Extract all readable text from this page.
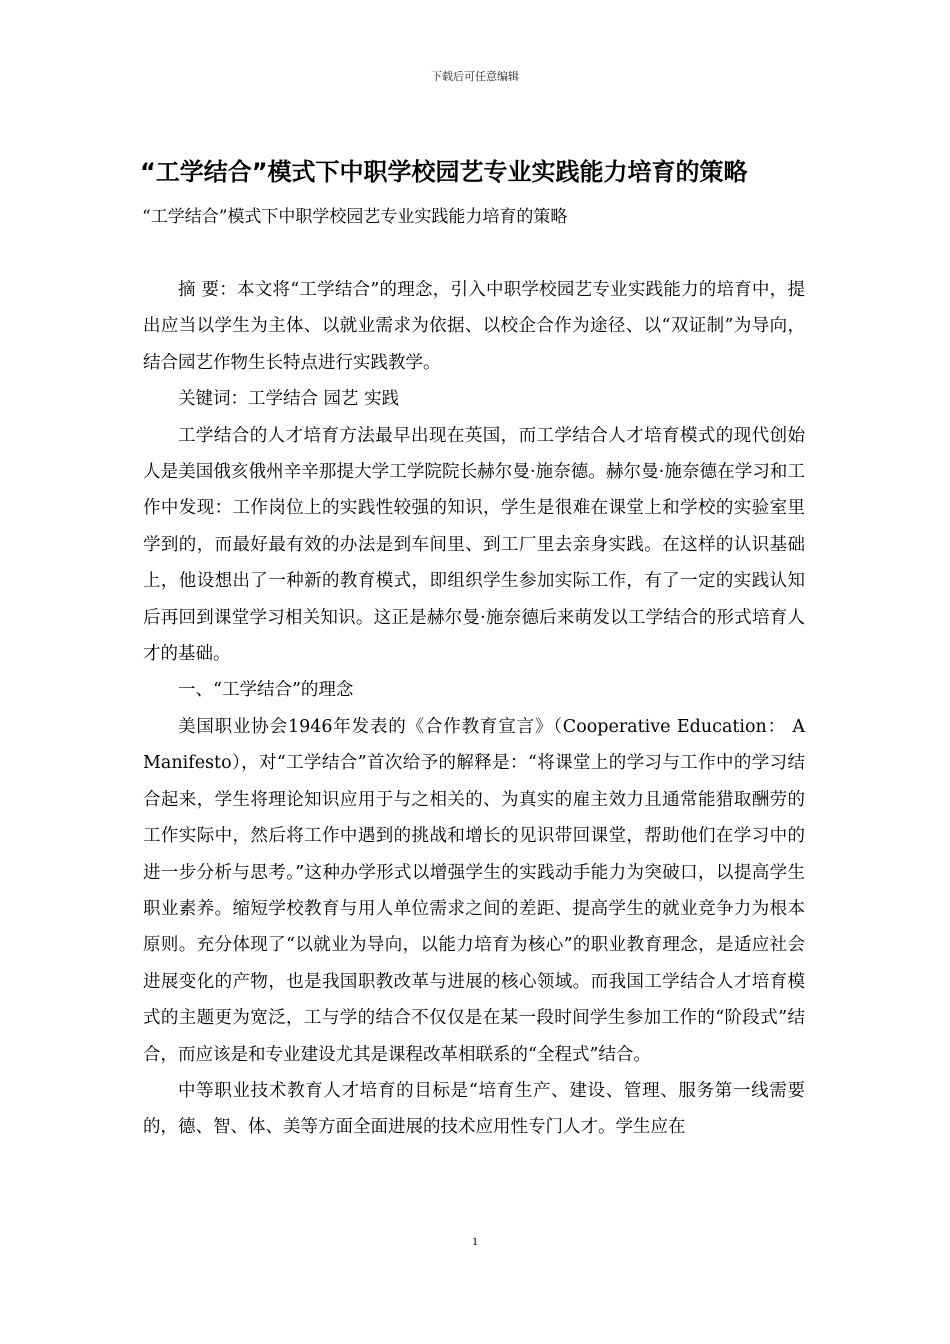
下载后可任意编辑
“工学结合”模式下中职学校园艺专业实践能力培育的策略
“工学结合”模式下中职学校园艺专业实践能力培育的策略

摘 要：本文将“工学结合”的理念，引入中职学校园艺专业实践能力的培育中，提出应当以学生为主体、以就业需求为依据、以校企合作为途径、以“双证制”为导向，结合园艺作物生长特点进行实践教学。

关键词：工学结合 园艺 实践

工学结合的人才培育方法最早出现在英国，而工学结合人才培育模式的现代创始人是美国俄亥俄州辛辛那提大学工学院院长赫尔曼·施奈德。赫尔曼·施奈德在学习和工作中发现：工作岗位上的实践性较强的知识，学生是很难在课堂上和学校的实验室里学到的，而最好最有效的办法是到车间里、到工厂里去亲身实践。在这样的认识基础上，他设想出了一种新的教育模式，即组织学生参加实际工作，有了一定的实践认知后再回到课堂学习相关知识。这正是赫尔曼·施奈德后来萌发以工学结合的形式培育人才的基础。

一、“工学结合”的理念

美国职业协会1946年发表的《合作教育宣言》（Cooperative Education： A Manifesto），对“工学结合”首次给予的解释是：“将课堂上的学习与工作中的学习结合起来，学生将理论知识应用于与之相关的、为真实的雇主效力且通常能猎取酬劳的工作实际中，然后将工作中遇到的挑战和增长的见识带回课堂，帮助他们在学习中的进一步分析与思考。”这种办学形式以增强学生的实践动手能力为突破口，以提高学生职业素养。缩短学校教育与用人单位需求之间的差距、提高学生的就业竞争力为根本原则。充分体现了“以就业为导向，以能力培育为核心”的职业教育理念，是适应社会进展变化的产物，也是我国职教改革与进展的核心领域。而我国工学结合人才培育模式的主题更为宽泛，工与学的结合不仅仅是在某一段时间学生参加工作的“阶段式”结合，而应该是和专业建设尤其是课程改革相联系的“全程式”结合。

中等职业技术教育人才培育的目标是“培育生产、建设、管理、服务第一线需要的，德、智、体、美等方面全面进展的技术应用性专门人才。学生应在

1
